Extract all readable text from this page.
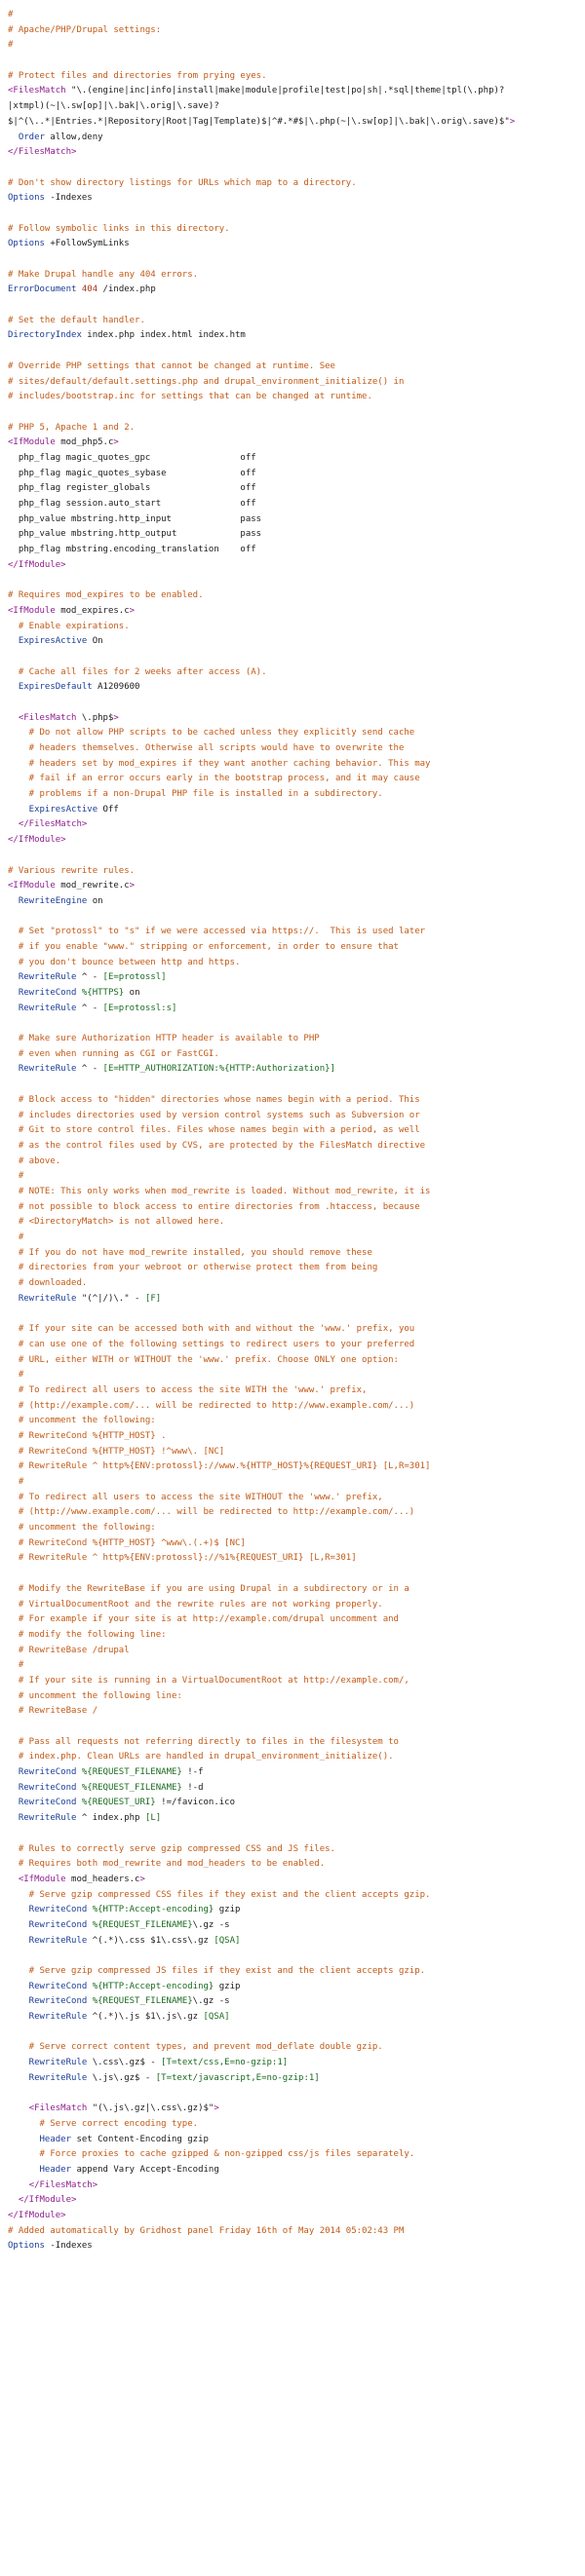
#
# Apache/PHP/Drupal settings:
#

# Protect files and directories from prying eyes.
<FilesMatch "\.(engine|inc|info|install|make|module|profile|test|po|sh|.*sql|theme|tpl(\.php)?
|xtmpl)(~|\.sw[op]|\.bak|\.orig|\.save)?
$|^(\..*|Entries.*|Repository|Root|Tag|Template)$|^#.*#$|\.php(~|\.sw[op]|\.bak|\.orig\.save)$">
Order allow,deny
</FilesMatch>

# Don't show directory listings for URLs which map to a directory.
Options -Indexes

# Follow symbolic links in this directory.
Options +FollowSymLinks

# Make Drupal handle any 404 errors.
ErrorDocument 404 /index.php

# Set the default handler.
DirectoryIndex index.php index.html index.htm

# Override PHP settings that cannot be changed at runtime. See
# sites/default/default.settings.php and drupal_environment_initialize() in
# includes/bootstrap.inc for settings that can be changed at runtime.

# PHP 5, Apache 1 and 2.
<IfModule mod_php5.c>
php_flag magic_quotes_gpc                 off
php_flag magic_quotes_sybase              off
php_flag register_globals                 off
php_flag session.auto_start               off
php_value mbstring.http_input             pass
php_value mbstring.http_output            pass
php_flag mbstring.encoding_translation    off
</IfModule>

# Requires mod_expires to be enabled.
<IfModule mod_expires.c>
# Enable expirations.
ExpiresActive On

# Cache all files for 2 weeks after access (A).
ExpiresDefault A1209600

<FilesMatch \.php$>
# Do not allow PHP scripts to be cached unless they explicitly send cache
# headers themselves. Otherwise all scripts would have to overwrite the
# headers set by mod_expires if they want another caching behavior. This may
# fail if an error occurs early in the bootstrap process, and it may cause
# problems if a non-Drupal PHP file is installed in a subdirectory.
ExpiresActive Off
</FilesMatch>
</IfModule>

# Various rewrite rules.
<IfModule mod_rewrite.c>
RewriteEngine on

# Set "protossl" to "s" if we were accessed via https://.  This is used later
# if you enable "www." stripping or enforcement, in order to ensure that
# you don't bounce between http and https.
RewriteRule ^ - [E=protossl]
RewriteCond %{HTTPS} on
RewriteRule ^ - [E=protossl:s]

# Make sure Authorization HTTP header is available to PHP
# even when running as CGI or FastCGI.
RewriteRule ^ - [E=HTTP_AUTHORIZATION:%{HTTP:Authorization}]

# Block access to "hidden" directories whose names begin with a period. This
# includes directories used by version control systems such as Subversion or
# Git to store control files. Files whose names begin with a period, as well
# as the control files used by CVS, are protected by the FilesMatch directive
# above.
#
# NOTE: This only works when mod_rewrite is loaded. Without mod_rewrite, it is
# not possible to block access to entire directories from .htaccess, because
# <DirectoryMatch> is not allowed here.
#
# If you do not have mod_rewrite installed, you should remove these
# directories from your webroot or otherwise protect them from being
# downloaded.
RewriteRule "(^|/)\." - [F]

# If your site can be accessed both with and without the 'www.' prefix, you
# can use one of the following settings to redirect users to your preferred
# URL, either WITH or WITHOUT the 'www.' prefix. Choose ONLY one option:
#
# To redirect all users to access the site WITH the 'www.' prefix,
# (http://example.com/... will be redirected to http://www.example.com/...)
# uncomment the following:
# RewriteCond %{HTTP_HOST} .
# RewriteCond %{HTTP_HOST} !^www\. [NC]
# RewriteRule ^ http%{ENV:protossl}://www.%{HTTP_HOST}%{REQUEST_URI} [L,R=301]
#
# To redirect all users to access the site WITHOUT the 'www.' prefix,
# (http://www.example.com/... will be redirected to http://example.com/...)
# uncomment the following:
# RewriteCond %{HTTP_HOST} ^www\.(.+)$ [NC]
# RewriteRule ^ http%{ENV:protossl}://%1%{REQUEST_URI} [L,R=301]

# Modify the RewriteBase if you are using Drupal in a subdirectory or in a
# VirtualDocumentRoot and the rewrite rules are not working properly.
# For example if your site is at http://example.com/drupal uncomment and
# modify the following line:
# RewriteBase /drupal
#
# If your site is running in a VirtualDocumentRoot at http://example.com/,
# uncomment the following line:
# RewriteBase /

# Pass all requests not referring directly to files in the filesystem to
# index.php. Clean URLs are handled in drupal_environment_initialize().
RewriteCond %{REQUEST_FILENAME} !-f
RewriteCond %{REQUEST_FILENAME} !-d
RewriteCond %{REQUEST_URI} !=/favicon.ico
RewriteRule ^ index.php [L]

# Rules to correctly serve gzip compressed CSS and JS files.
# Requires both mod_rewrite and mod_headers to be enabled.
<IfModule mod_headers.c>
# Serve gzip compressed CSS files if they exist and the client accepts gzip.
RewriteCond %{HTTP:Accept-encoding} gzip
RewriteCond %{REQUEST_FILENAME}\.gz -s
RewriteRule ^(.*)\.css $1\.css\.gz [QSA]

# Serve gzip compressed JS files if they exist and the client accepts gzip.
RewriteCond %{HTTP:Accept-encoding} gzip
RewriteCond %{REQUEST_FILENAME}\.gz -s
RewriteRule ^(.*)\.js $1\.js\.gz [QSA]

# Serve correct content types, and prevent mod_deflate double gzip.
RewriteRule \.css\.gz$ - [T=text/css,E=no-gzip:1]
RewriteRule \.js\.gz$ - [T=text/javascript,E=no-gzip:1]

<FilesMatch "(\.js\.gz|\.css\.gz)$">
# Serve correct encoding type.
Header set Content-Encoding gzip
# Force proxies to cache gzipped & non-gzipped css/js files separately.
Header append Vary Accept-Encoding
</FilesMatch>
</IfModule>
</IfModule>
# Added automatically by Gridhost panel Friday 16th of May 2014 05:02:43 PM
Options -Indexes
